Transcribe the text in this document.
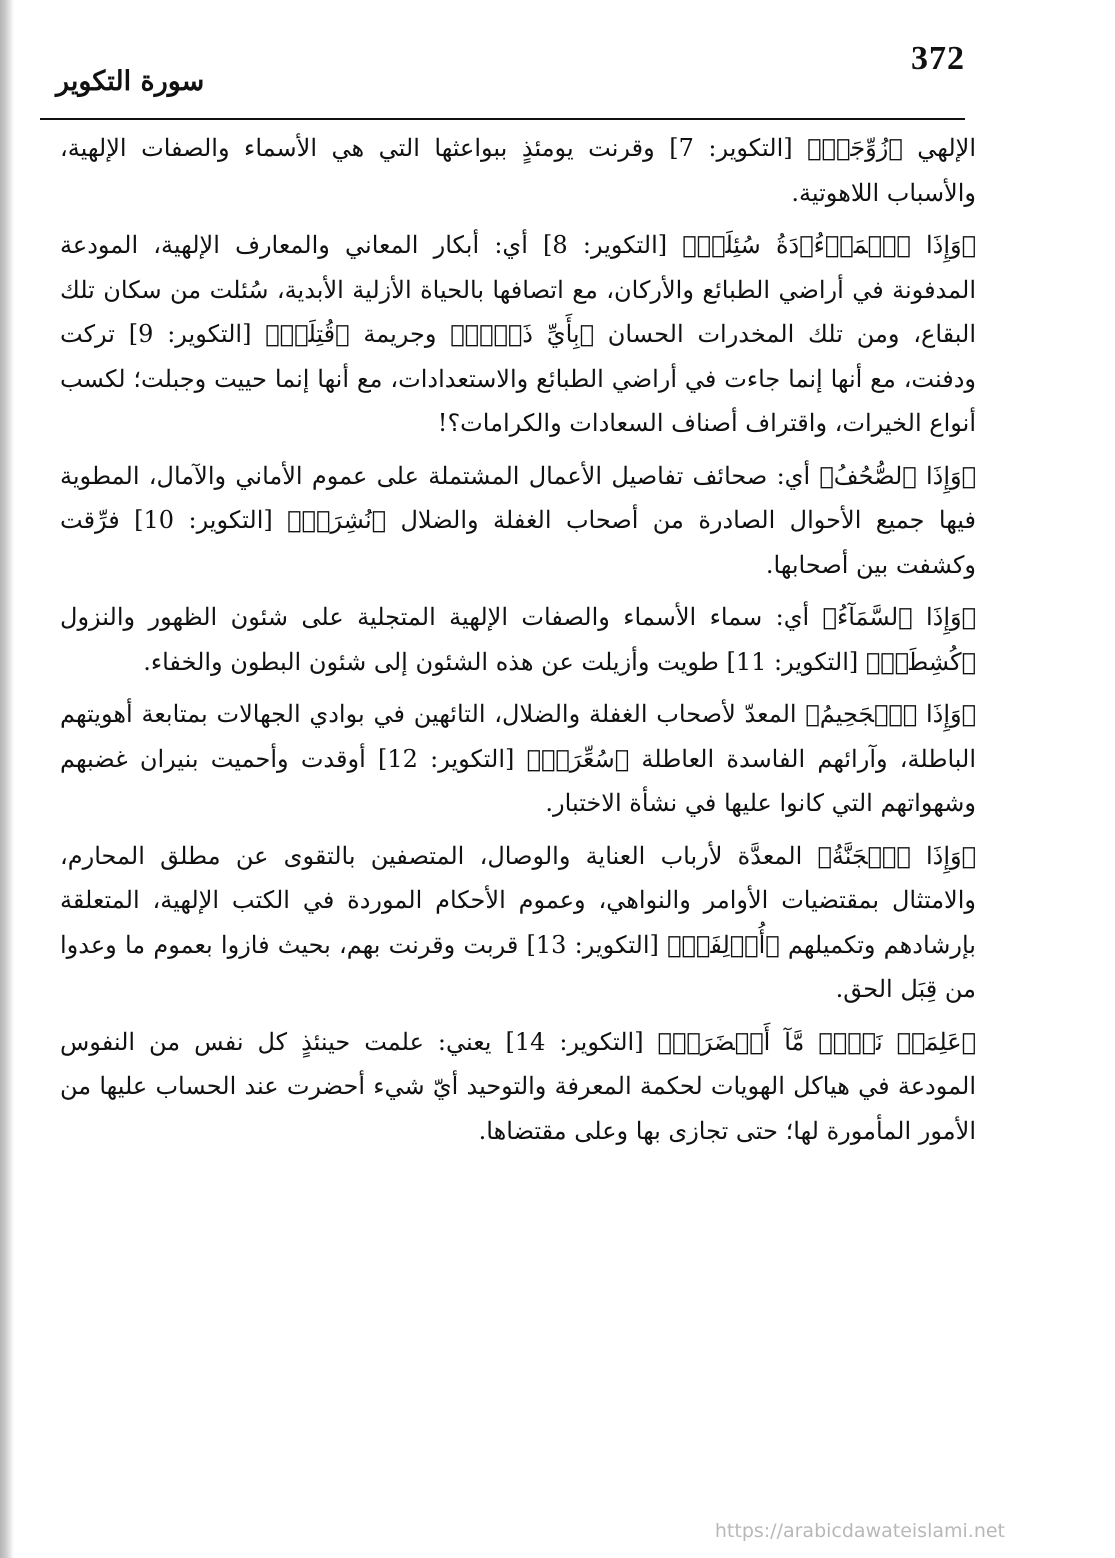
372
سورة التكوير

الإلهي ﴿زُوِّجَتۡ﴾ [التكوير: 7] وقرنت يومئذٍ ببواعثها التي هي الأسماء والصفات الإلهية، والأسباب اللاهوتية.

﴿وَإِذَا ٱلۡمَوۡءُۥدَةُ سُئِلَتۡ﴾ [التكوير: 8] أي: أبكار المعاني والمعارف الإلهية، المودعة المدفونة في أراضي الطبائع والأركان، مع اتصافها بالحياة الأزلية الأبدية، سُئلت من سكان تلك البقاع، ومن تلك المخدرات الحسان ﴿بِأَيِّ ذَنۢبٖ﴾ وجريمة ﴿قُتِلَتۡ﴾ [التكوير: 9] تركت ودفنت، مع أنها إنما جاءت في أراضي الطبائع والاستعدادات، مع أنها إنما حييت وجبلت؛ لكسب أنواع الخيرات، واقتراف أصناف السعادات والكرامات؟!

﴿وَإِذَا ٱلصُّحُفُ﴾ أي: صحائف تفاصيل الأعمال المشتملة على عموم الأماني والآمال، المطوية فيها جميع الأحوال الصادرة من أصحاب الغفلة والضلال ﴿نُشِرَتۡ﴾ [التكوير: 10] فرِّقت وكشفت بين أصحابها.

﴿وَإِذَا ٱلسَّمَآءُ﴾ أي: سماء الأسماء والصفات الإلهية المتجلية على شئون الظهور والنزول ﴿كُشِطَتۡ﴾ [التكوير: 11] طويت وأزيلت عن هذه الشئون إلى شئون البطون والخفاء.

﴿وَإِذَا ٱلۡجَحِيمُ﴾ المعدّ لأصحاب الغفلة والضلال، التائهين في بوادي الجهالات بمتابعة أهويتهم الباطلة، وآرائهم الفاسدة العاطلة ﴿سُعِّرَتۡ﴾ [التكوير: 12] أوقدت وأحميت بنيران غضبهم وشهواتهم التي كانوا عليها في نشأة الاختبار.

﴿وَإِذَا ٱلۡجَنَّةُ﴾ المعدَّة لأرباب العناية والوصال، المتصفين بالتقوى عن مطلق المحارم، والامتثال بمقتضيات الأوامر والنواهي، وعموم الأحكام الموردة في الكتب الإلهية، المتعلقة بإرشادهم وتكميلهم ﴿أُزۡلِفَتۡ﴾ [التكوير: 13] قربت وقرنت بهم، بحيث فازوا بعموم ما وعدوا من قِبَل الحق.

﴿عَلِمَتۡ نَفۡسٞ مَّآ أَحۡضَرَتۡ﴾ [التكوير: 14] يعني: علمت حينئذٍ كل نفس من النفوس المودعة في هياكل الهويات لحكمة المعرفة والتوحيد أيّ شيء أحضرت عند الحساب عليها من الأمور المأمورة لها؛ حتى تجازى بها وعلى مقتضاها.

https://arabicdawateislami.net
